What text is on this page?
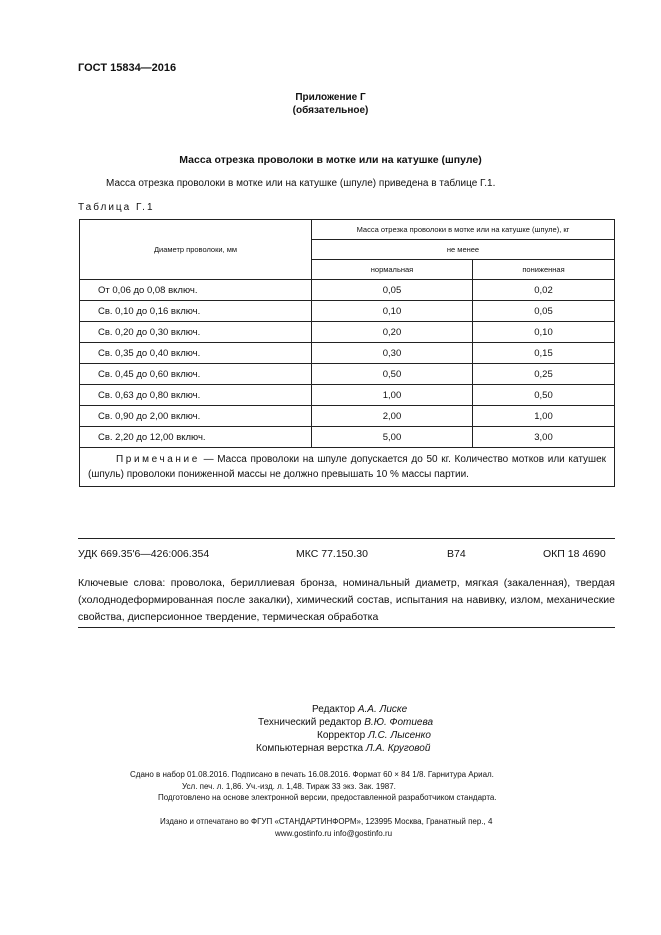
ГОСТ 15834—2016
Приложение Г
(обязательное)
Масса отрезка проволоки в мотке или на катушке (шпуле)
Масса отрезка проволоки в мотке или на катушке (шпуле) приведена в таблице Г.1.
Таблица Г.1
Диаметр проволоки, мм	Масса отрезка проволоки в мотке или на катушке (шпуле), кг	
	не менее	
	нормальная	пониженная
От 0,06 до 0,08 включ.	0,05	0,02
Св. 0,10 до 0,16 включ.	0,10	0,05
Св. 0,20 до 0,30 включ.	0,20	0,10
Св. 0,35 до 0,40 включ.	0,30	0,15
Св. 0,45 до 0,60 включ.	0,50	0,25
Св. 0,63 до 0,80 включ.	1,00	0,50
Св. 0,90 до 2,00 включ.	2,00	1,00
Св. 2,20 до 12,00 включ.	5,00	3,00
Примечание — Масса проволоки на шпуле допускается до 50 кг. Количество мотков или катушек (шпуль) проволоки пониженной массы не должно превышать 10 % массы партии.		
УДК 669.35'6—426:006.354	МКС 77.150.30	В74	ОКП 18 4690
Ключевые слова: проволока, бериллиевая бронза, номинальный диаметр, мягкая (закаленная), твердая (холоднодеформированная после закалки), химический состав, испытания на навивку, излом, механические свойства, дисперсионное твердение, термическая обработка
Редактор А.А. Лиске
Технический редактор В.Ю. Фотиева
Корректор Л.С. Лысенко
Компьютерная верстка Л.А. Круговой
Сдано в набор 01.08.2016. Подписано в печать 16.08.2016. Формат 60 × 84 1/8. Гарнитура Ариал.
Усл. печ. л. 1,86. Уч.-изд. л. 1,48. Тираж 33 экз. Зак. 1987.
Подготовлено на основе электронной версии, предоставленной разработчиком стандарта.
Издано и отпечатано во ФГУП «СТАНДАРТИНФОРМ», 123995 Москва, Гранатный пер., 4
www.gostinfo.ru info@gostinfo.ru
